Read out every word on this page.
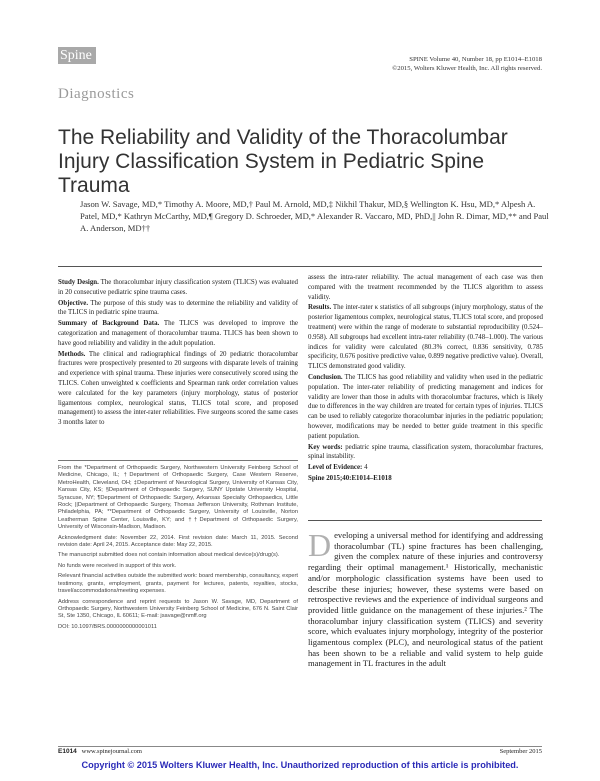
Spine
Diagnostics
SPINE Volume 40, Number 18, pp E1014–E1018
©2015, Wolters Kluwer Health, Inc. All rights reserved.
The Reliability and Validity of the Thoracolumbar Injury Classification System in Pediatric Spine Trauma
Jason W. Savage, MD,* Timothy A. Moore, MD,† Paul M. Arnold, MD,‡ Nikhil Thakur, MD,§ Wellington K. Hsu, MD,* Alpesh A. Patel, MD,* Kathryn McCarthy, MD,¶ Gregory D. Schroeder, MD,* Alexander R. Vaccaro, MD, PhD,|| John R. Dimar, MD,** and Paul A. Anderson, MD††

Study Design. The thoracolumbar injury classification system (TLICS) was evaluated in 20 consecutive pediatric spine trauma cases.

Objective. The purpose of this study was to determine the reliability and validity of the TLICS in pediatric spine trauma.

Summary of Background Data. The TLICS was developed to improve the categorization and management of thoracolumbar trauma. TLICS has been shown to have good reliability and validity in the adult population.

Methods. The clinical and radiographical findings of 20 pediatric thoracolumbar fractures were prospectively presented to 20 surgeons with disparate levels of training and experience with spinal trauma. These injuries were consecutively scored using the TLICS. Cohen unweighted κ coefficients and Spearman rank order correlation values were calculated for the key parameters (injury morphology, status of posterior ligamentous complex, neurological status, TLICS total score, and proposed management) to assess the inter-rater reliabilities. Five surgeons scored the same cases 3 months later to

assess the intra-rater reliability. The actual management of each case was then compared with the treatment recommended by the TLICS algorithm to assess validity.

Results. The inter-rater κ statistics of all subgroups (injury morphology, status of the posterior ligamentous complex, neurological status, TLICS total score, and proposed treatment) were within the range of moderate to substantial reproducibility (0.524–0.958). All subgroups had excellent intra-rater reliability (0.748–1.000). The various indices for validity were calculated (80.3% correct, 0.836 sensitivity, 0.785 specificity, 0.676 positive predictive value, 0.899 negative predictive value). Overall, TLICS demonstrated good validity.

Conclusion. The TLICS has good reliability and validity when used in the pediatric population. The inter-rater reliability of predicting management and indices for validity are lower than those in adults with thoracolumbar fractures, which is likely due to differences in the way children are treated for certain types of injuries. TLICS can be used to reliably categorize thoracolumbar injuries in the pediatric population; however, modifications may be needed to better guide treatment in this specific patient population.

Key words: pediatric spine trauma, classification system, thoracolumbar fractures, spinal instability.

Level of Evidence: 4

Spine 2015;40:E1014–E1018

From the *Department of Orthopaedic Surgery, Northwestern University Feinberg School of Medicine, Chicago, IL; †Department of Orthopaedic Surgery, Case Western Reserve, MetroHealth, Cleveland, OH; ‡Department of Neurological Surgery, University of Kansas City, Kansas City, KS; §Department of Orthopaedic Surgery, SUNY Upstate University Hospital, Syracuse, NY; ¶Department of Orthopaedic Surgery, Arkansas Specialty Orthopaedics, Little Rock; ||Department of Orthopaedic Surgery, Thomas Jefferson University, Rothman Institute, Philadelphia, PA; **Department of Orthopaedic Surgery, University of Louisville, Norton Leatherman Spine Center, Louisville, KY; and ††Department of Orthopaedic Surgery, University of Wisconsin-Madison, Madison.

Acknowledgment date: November 22, 2014. First revision date: March 11, 2015. Second revision date: April 24, 2015. Acceptance date: May 22, 2015.

The manuscript submitted does not contain information about medical device(s)/drug(s).

No funds were received in support of this work.

Relevant financial activities outside the submitted work: board membership, consultancy, expert testimony, grants, employment, grants, payment for lectures, patents, royalties, stocks, travel/accommodations/meeting expenses.

Address correspondence and reprint requests to Jason W. Savage, MD, Department of Orthopaedic Surgery, Northwestern University Feinberg School of Medicine, 676 N. Saint Clair St, Ste 1350, Chicago, IL 60611; E-mail: jsavage@nmff.org

DOI: 10.1097/BRS.0000000000001011

Developing a universal method for identifying and addressing thoracolumbar (TL) spine fractures has been challenging, given the complex nature of these injuries and controversy regarding their optimal management.¹ Historically, mechanistic and/or morphologic classification systems have been used to describe these injuries; however, these systems were based on retrospective reviews and the experience of individual surgeons and provided little guidance on the management of these injuries.² The thoracolumbar injury classification system (TLICS) and severity score, which evaluates injury morphology, integrity of the posterior ligamentous complex (PLC), and neurological status of the patient has been shown to be a reliable and valid system to help guide management in TL fractures in the adult
E1014 www.spinejournal.com	September 2015
Copyright © 2015 Wolters Kluwer Health, Inc. Unauthorized reproduction of this article is prohibited.
